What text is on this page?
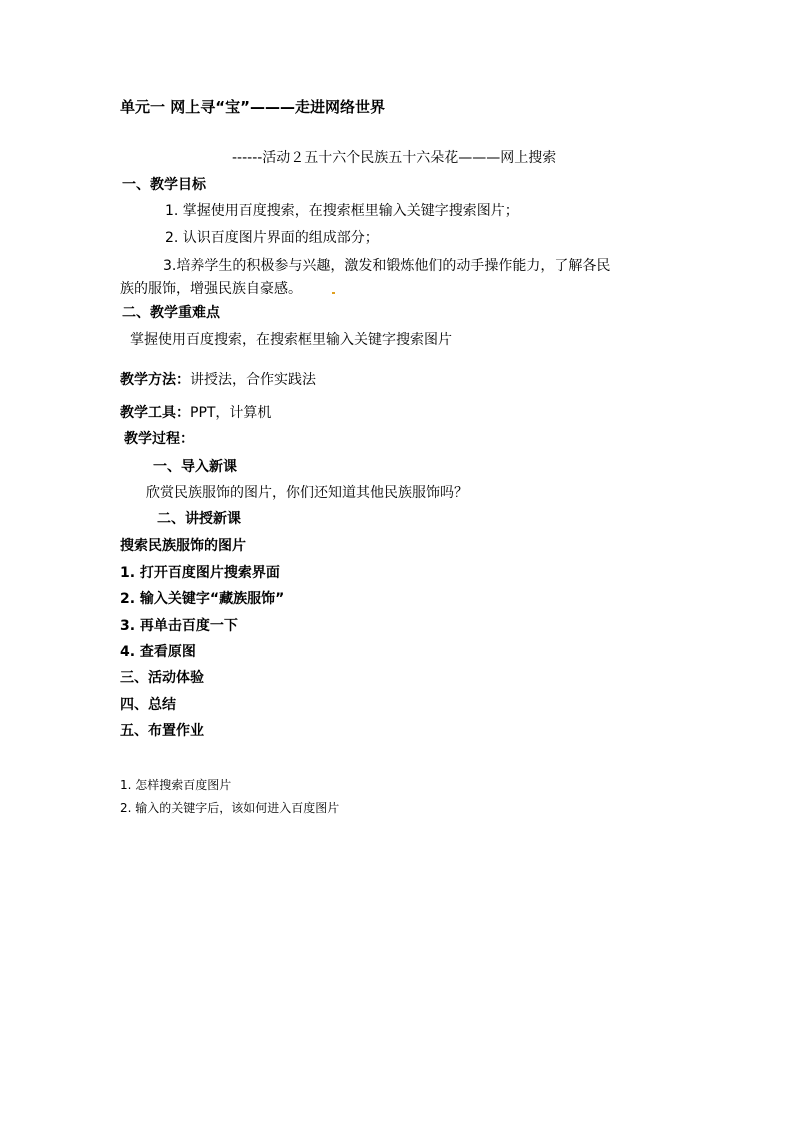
单元一 网上寻“宝”———走进网络世界
------活动２五十六个民族五十六朵花———网上搜索
一、教学目标
1. 掌握使用百度搜索，在搜索框里输入关键字搜索图片；
2. 认识百度图片界面的组成部分；
3.培养学生的积极参与兴趣，激发和锻炼他们的动手操作能力，了解各民
族的服饰，增强民族自豪感。
二、教学重难点
掌握使用百度搜索，在搜索框里输入关键字搜索图片
教学方法：讲授法，合作实践法
教学工具：PPT，计算机
教学过程：
一、导入新课
欣赏民族服饰的图片，你们还知道其他民族服饰吗？
二、讲授新课
搜索民族服饰的图片
1. 打开百度图片搜索界面
2. 输入关键字“藏族服饰”
3. 再单击百度一下
4. 查看原图
三、活动体验
四、总结
五、布置作业
1. 怎样搜索百度图片
2. 输入的关键字后，该如何进入百度图片
